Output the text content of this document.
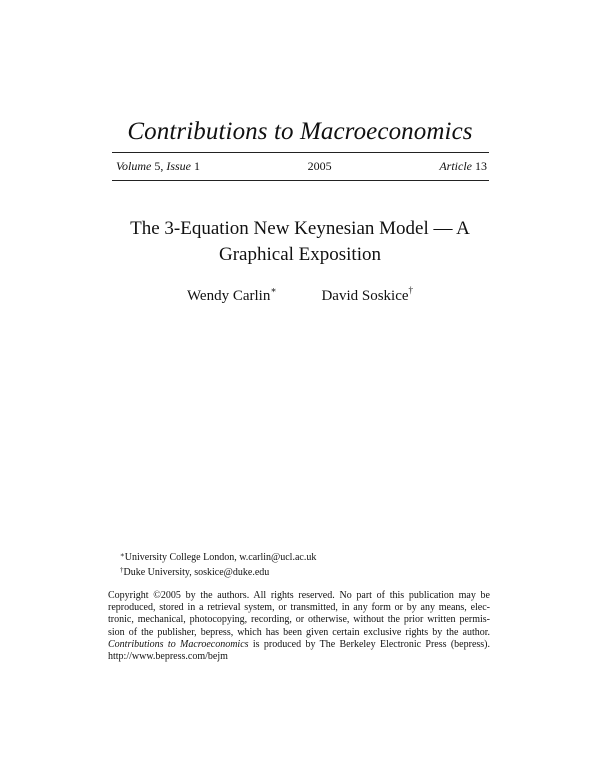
Contributions to Macroeconomics
Volume 5, Issue 1	2005	Article 13
The 3-Equation New Keynesian Model — A
Graphical Exposition
Wendy Carlin∗	David Soskice†
∗University College London, w.carlin@ucl.ac.uk
†Duke University, soskice@duke.edu
Copyright ©2005 by the authors. All rights reserved. No part of this publication may be
reproduced, stored in a retrieval system, or transmitted, in any form or by any means, elec-
tronic, mechanical, photocopying, recording, or otherwise, without the prior written permis-
sion of the publisher, bepress, which has been given certain exclusive rights by the author.
Contributions to Macroeconomics is produced by The Berkeley Electronic Press (bepress).
http://www.bepress.com/bejm
